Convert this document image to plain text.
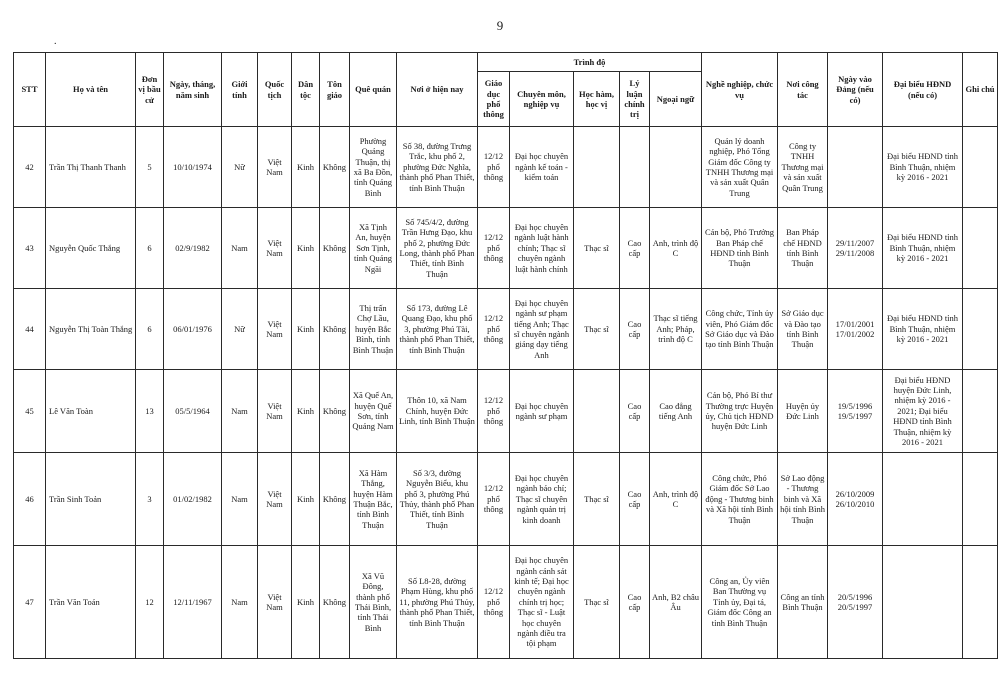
9
.
STT	Họ và tên	Đơn vị bầu cử	Ngày, tháng, năm sinh	Giới tính	Quốc tịch	Dân tộc	Tôn giáo	Quê quán	Nơi ở hiện nay	Trình độ					Nghề nghiệp, chức vụ	Nơi công tác	Ngày vào Đảng (nếu có)	Đại biểu HĐND (nếu có)	Ghi chú
										Giáo dục phổ thông	Chuyên môn, nghiệp vụ	Học hàm, học vị	Lý luận chính trị	Ngoại ngữ					
42	Trần Thị Thanh Thanh	5	10/10/1974	Nữ	Việt Nam	Kinh	Không	Phường Quảng Thuận, thị xã Ba Đồn, tỉnh Quảng Bình	Số 38, đường Trưng Trắc, khu phố 2, phường Đức Nghĩa, thành phố Phan Thiết, tỉnh Bình Thuận	12/12 phổ thông	Đại học chuyên ngành kế toán - kiểm toán				Quản lý doanh nghiệp, Phó Tổng Giám đốc Công ty TNHH Thương mại và sản xuất Quân Trung	Công ty TNHH Thương mại và sản xuất Quân Trung		Đại biểu HĐND tỉnh Bình Thuận, nhiệm kỳ 2016 - 2021	
43	Nguyễn Quốc Thắng	6	02/9/1982	Nam	Việt Nam	Kinh	Không	Xã Tịnh An, huyện Sơn Tịnh, tỉnh Quảng Ngãi	Số 745/4/2, đường Trần Hưng Đạo, khu phố 2, phường Đức Long, thành phố Phan Thiết, tỉnh Bình Thuận	12/12 phổ thông	Đại học chuyên ngành luật hành chính; Thạc sĩ chuyên ngành luật hành chính	Thạc sĩ	Cao cấp	Anh, trình độ C	Cán bộ, Phó Trưởng Ban Pháp chế HĐND tỉnh Bình Thuận	Ban Pháp chế HĐND tỉnh Bình Thuận	29/11/2007 29/11/2008	Đại biểu HĐND tỉnh Bình Thuận, nhiệm kỳ 2016 - 2021	
44	Nguyễn Thị Toàn Thắng	6	06/01/1976	Nữ	Việt Nam	Kinh	Không	Thị trấn Chợ Lầu, huyện Bắc Bình, tỉnh Bình Thuận	Số 173, đường Lê Quang Đạo, khu phố 3, phường Phú Tài, thành phố Phan Thiết, tỉnh Bình Thuận	12/12 phổ thông	Đại học chuyên ngành sư phạm tiếng Anh; Thạc sĩ chuyên ngành giảng dạy tiếng Anh	Thạc sĩ	Cao cấp	Thạc sĩ tiếng Anh; Pháp, trình độ C	Công chức, Tỉnh ủy viên, Phó Giám đốc Sở Giáo dục và Đào tạo tỉnh Bình Thuận	Sở Giáo dục và Đào tạo tỉnh Bình Thuận	17/01/2001 17/01/2002	Đại biểu HĐND tỉnh Bình Thuận, nhiệm kỳ 2016 - 2021	
45	Lê Văn Toàn	13	05/5/1964	Nam	Việt Nam	Kinh	Không	Xã Quế An, huyện Quế Sơn, tỉnh Quảng Nam	Thôn 10, xã Nam Chính, huyện Đức Linh, tỉnh Bình Thuận	12/12 phổ thông	Đại học chuyên ngành sư phạm		Cao cấp	Cao đẳng tiếng Anh	Cán bộ, Phó Bí thư Thường trực Huyện ủy, Chủ tịch HĐND huyện Đức Linh	Huyện ủy Đức Linh	19/5/1996 19/5/1997	Đại biểu HĐND huyện Đức Linh, nhiệm kỳ 2016 - 2021; Đại biểu HĐND tỉnh Bình Thuận, nhiệm kỳ 2016 - 2021	
46	Trần Sinh Toản	3	01/02/1982	Nam	Việt Nam	Kinh	Không	Xã Hàm Thắng, huyện Hàm Thuận Bắc, tỉnh Bình Thuận	Số 3/3, đường Nguyễn Biểu, khu phố 3, phường Phú Thủy, thành phố Phan Thiết, tỉnh Bình Thuận	12/12 phổ thông	Đại học chuyên ngành báo chí; Thạc sĩ chuyên ngành quản trị kinh doanh	Thạc sĩ	Cao cấp	Anh, trình độ C	Công chức, Phó Giám đốc Sở Lao động - Thương binh và Xã hội tỉnh Bình Thuận	Sở Lao động - Thương binh và Xã hội tỉnh Bình Thuận	26/10/2009 26/10/2010		
47	Trần Văn Toán	12	12/11/1967	Nam	Việt Nam	Kinh	Không	Xã Vũ Đông, thành phố Thái Bình, tỉnh Thái Bình	Số L8-28, đường Phạm Hùng, khu phố 11, phường Phú Thủy, thành phố Phan Thiết, tỉnh Bình Thuận	12/12 phổ thông	Đại học chuyên ngành cảnh sát kinh tế; Đại học chuyên ngành chính trị học; Thạc sĩ - Luật học chuyên ngành điều tra tội phạm	Thạc sĩ	Cao cấp	Anh, B2 châu Âu	Công an, Ủy viên Ban Thường vụ Tỉnh ủy, Đại tá, Giám đốc Công an tỉnh Bình Thuận	Công an tỉnh Bình Thuận	20/5/1996 20/5/1997		
